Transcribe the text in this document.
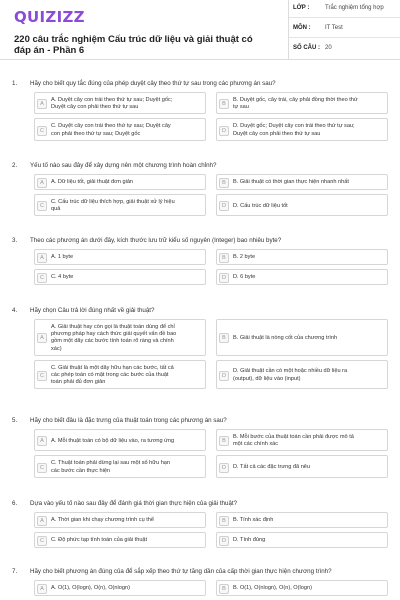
QUIZIZZ
220 câu trắc nghiệm Cấu trúc dữ liệu và giải thuật có đáp án - Phần 6
LỚP :	Trắc nghiệm tổng hợp
MÔN : IT Test
SỐ CÂU : 20
1.	Hãy cho biết quy tắc đúng của phép duyệt cây theo thứ tự sau trong các phương án sau?
A
A. Duyệt cây con trái theo thứ tự sau; Duyệt gốc;
Duyệt cây con phải theo thứ tự sau
B
B. Duyệt gốc, cây trái, cây phải đồng thời theo thứ
tự sau
C
C. Duyệt cây con trái theo thứ tự sau; Duyệt cây
con phải theo thứ tự sau; Duyệt gốc
D
D. Duyệt gốc; Duyệt cây con trái theo thứ tự sau;
Duyệt cây con phải theo thứ tự sau
2.	Yếu tố nào sau đây để xây dựng nên một chương trình hoàn chỉnh?
A	A. Dữ liệu tốt, giải thuật đơn giản	B	B. Giải thuật có thời gian thực hiện nhanh nhất
C
C. Cấu trúc dữ liệu thích hợp, giải thuật xử lý hiệu
quả
D	D. Cấu trúc dữ liệu tốt
3.	Theo các phương án dưới đây, kích thước lưu trữ kiểu số nguyên (Integer) bao nhiêu byte?
A	A. 1 byte	B	B. 2 byte
C	C. 4 byte	D	D. 6 byte
4.	Hãy chọn Câu trả lời đúng nhất về giải thuật?
A
A. Giải thuật hay còn gọi là thuật toán dùng để chỉ
phương pháp hay cách thức giải quyết vấn đề bao
gồm một dãy các bước tính toán rõ ràng và chính
xác)
B	B. Giải thuật là nòng cốt của chương trình
C
C. Giải thuật là một dãy hữu hạn các bước, tất cả
các phép toán có mặt trong các bước của thuật
toán phải đủ đơn giản
D
D. Giải thuật cần có một hoặc nhiều dữ liệu ra
(output), dữ liệu vào (input)
5.	Hãy cho biết đâu là đặc trưng của thuật toán trong các phương án sau?
A	A. Mỗi thuật toán có bộ dữ liệu vào, ra tương ứng	B
B. Mỗi bước của thuật toán cần phải được mô tả
một các chính xác
C
C. Thuật toán phải dừng lại sau một số hữu hạn
các bước cần thực hiện
D	D. Tất cả các đặc trưng đã nêu
6.	Dựa vào yếu tố nào sau đây để đánh giá thời gian thực hiện của giải thuật?
A	A. Thời gian khi chạy chương trình cụ thể	B	B. Tính xác định
C	C. Độ phức tạp tính toán của giải thuật	D	D. Tính đúng
7.	Hãy cho biết phương án đúng của để sắp xếp theo thứ tự tăng dần của cấp thời gian thực hiện chương trình?
A	A. O(1), O(logn), O(n), O(nlogn)	B	B. O(1), O(nlogn), O(n), O(logn)
